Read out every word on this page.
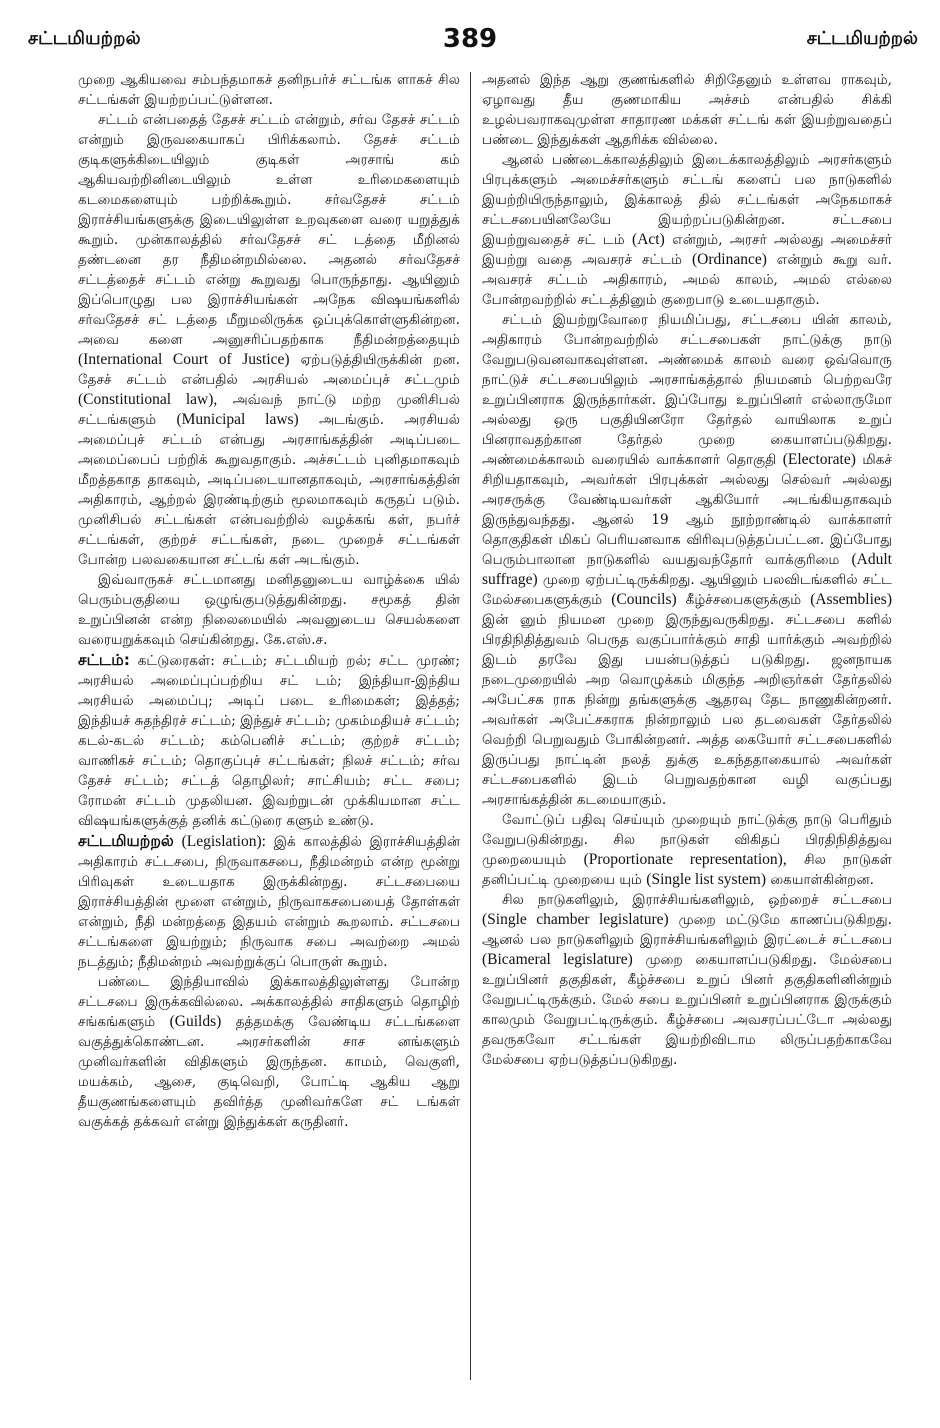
சட்டமியற்றல்	389	சட்டமியற்றல்

முறை ஆகியவை சம்பந்தமாகச் தனிநபர்ச் சட்டங்க ளாகச் சில சட்டங்கள் இயற்றப்பட்டுள்ளன.

சட்டம் என்பதைத் தேசச் சட்டம் என்றும், சர்வ தேசச் சட்டம் என்றும் இருவகையாகப் பிரிக்கலாம். தேசச் சட்டம் குடிகளுக்கிடையிலும் குடிகள் அரசாங் கம் ஆகியவற்றினிடையிலும் உள்ள உரிமைகளையும் கடமைகளையும் பற்றிக்கூறும். சர்வதேசச் சட்டம் இராச்சியங்களுக்கு இடையிலுள்ள உறவுகளை வரை யறுத்துக் கூறும். முன்காலத்தில் சர்வதேசச் சட் டத்தை மீறினல் தண்டனை தர நீதிமன்றமில்லை. அதனல் சர்வதேசச் சட்டத்தைச் சட்டம் என்று கூறுவது பொருந்தாது. ஆயினும் இப்பொழுது பல இராச்சியங்கள் அநேக விஷயங்களில் சர்வதேசச் சட் டத்தை மீறுமலிருக்க ஒப்புக்கொள்ளுகின்றன. அவை களை அனுசரிப்பதற்காக நீதிமன்றத்தையும் (International Court of Justice) ஏற்படுத்தியிருக்கின் றன. தேசச் சட்டம் என்பதில் அரசியல் அமைப்புச் சட்டமும் (Constitutional law), அவ்வந் நாட்டு மற்ற முனிசிபல் சட்டங்களும் (Municipal laws) அடங்கும். அரசியல் அமைப்புச் சட்டம் என்பது அரசாங்கத்தின் அடிப்படை அமைப்பைப் பற்றிக் கூறுவதாகும். அச்சட்டம் புனிதமாகவும் மீறத்தகாத தாகவும், அடிப்படையானதாகவும், அரசாங்கத்தின் அதிகாரம், ஆற்றல் இரண்டிற்கும் மூலமாகவும் கருதப் படும். முனிசிபல் சட்டங்கள் என்பவற்றில் வழக்கங் கள், நபர்ச் சட்டங்கள், குற்றச் சட்டங்கள், நடை முறைச் சட்டங்கள் போன்ற பலவகையான சட்டங் கள் அடங்கும்.

இவ்வாருகச் சட்டமானது மனிதனுடைய வாழ்க்கை யில் பெரும்பகுதியை ஒழுங்குபடுத்துகின்றது. சமூகத் தின் உறுப்பினன் என்ற நிலைமையில் அவனுடைய செயல்களை வரையறுக்கவும் செய்கின்றது. கே.எஸ்.ச.

சட்டம்: கட்டுரைகள்: சட்டம்; சட்டமியற் றல்; சட்ட முரண்; அரசியல் அமைப்புப்பற்றிய சட் டம்; இந்தியா-இந்திய அரசியல் அமைப்பு; அடிப் படை உரிமைகள்; இத்தத்; இந்தியச் சுதந்திரச் சட்டம்; இந்துச் சட்டம்; முகம்மதியச் சட்டம்; கடல்-கடல் சட்டம்; கம்பெனிச் சட்டம்; குற்றச் சட்டம்; வாணிகச் சட்டம்; தொகுப்புச் சட்டங்கள்; நிலச் சட்டம்; சர்வ தேசச் சட்டம்; சட்டத் தொழிலர்; சாட்சியம்; சட்ட சபை; ரோமன் சட்டம் முதலியன. இவற்றுடன் முக்கியமான சட்ட விஷயங்களுக்குத் தனிக் கட்டுரை களும் உண்டு.

சட்டமியற்றல் (Legislation): இக் காலத்தில் இராச்சியத்தின் அதிகாரம் சட்டசபை, நிருவாகசபை, நீதிமன்றம் என்ற மூன்று பிரிவுகள் உடையதாக இருக்கின்றது. சட்டசபையை இராச்சியத்தின் மூளை என்றும், நிருவாகசபையைத் தோள்கள் என்றும், நீதி மன்றத்தை இதயம் என்றும் கூறலாம். சட்டசபை சட்டங்களை இயற்றும்; நிருவாக சபை அவற்றை அமல் நடத்தும்; நீதிமன்றம் அவற்றுக்குப் பொருள் கூறும்.

பண்டை இந்தியாவில் இக்காலத்திலுள்ளது போன்ற சட்டசபை இருக்கவில்லை. அக்காலத்தில் சாதிகளும் தொழிற் சங்கங்களும் (Guilds) தத்தமக்கு வேண்டிய சட்டங்களை வகுத்துக்கொண்டன. அரசர்களின் சாச னங்களும் முனிவர்களின் விதிகளும் இருந்தன. காமம், வெகுளி, மயக்கம், ஆசை, குடிவெறி, போட்டி ஆகிய ஆறு தீயகுணங்களையும் தவிர்த்த முனிவர்களே சட் டங்கள் வகுக்கத் தக்கவர் என்று இந்துக்கள் கருதினர்.

அதனல் இந்த ஆறு குணங்களில் சிறிதேனும் உள்ளவ ராகவும், ஏழாவது தீய குணமாகிய அச்சம் என்பதில் சிக்கி உழல்பவராகவுமுள்ள சாதாரண மக்கள் சட்டங் கள் இயற்றுவதைப் பண்டை இந்துக்கள் ஆதரிக்க வில்லை.

ஆனல் பண்டைக்காலத்திலும் இடைக்காலத்திலும் அரசர்களும் பிரபுக்களும் அமைச்சர்களும் சட்டங் களைப் பல நாடுகளில் இயற்றியிருந்தாலும், இக்காலத் தில் சட்டங்கள் அநேகமாகச் சட்டசபையினலேயே இயற்றப்படுகின்றன. சட்டசபை இயற்றுவதைச் சட் டம் (Act) என்றும், அரசர் அல்லது அமைச்சர் இயற்று வதை அவசரச் சட்டம் (Ordinance) என்றும் கூறு வர். அவசரச் சட்டம் அதிகாரம், அமல் காலம், அமல் எல்லை போன்றவற்றில் சட்டத்தினும் குறைபாடு உடையதாகும்.

சட்டம் இயற்றுவோரை நியமிப்பது, சட்டசபை யின் காலம், அதிகாரம் போன்றவற்றில் சட்டசபைகள் நாட்டுக்கு நாடு வேறுபடுவனவாகவுள்ளன. அண்மைக் காலம் வரை ஒவ்வொரு நாட்டுச் சட்டசபையிலும் அரசாங்கத்தால் நியமனம் பெற்றவரே உறுப்பினராக இருந்தார்கள். இப்போது உறுப்பினர் எல்லாருமோ அல்லது ஒரு பகுதியினரோ தேர்தல் வாயிலாக உறுப் பினராவதற்கான தேர்தல் முறை கையாளப்படுகிறது. அண்மைக்காலம் வரையில் வாக்காளர் தொகுதி (Electorate) மிகச் சிறியதாகவும், அவர்கள் பிரபுக்கள் அல்லது செல்வர் அல்லது அரசருக்கு வேண்டியவர்கள் ஆகியோர் அடங்கியதாகவும் இருந்துவந்தது. ஆனல் 19 ஆம் நூற்றாண்டில் வாக்காளர் தொகுதிகள் மிகப் பெரியனவாக விரிவுபடுத்தப்பட்டன. இப்போது பெரும்பாலான நாடுகளில் வயதுவந்தோர் வாக்குரிமை (Adult suffrage) முறை ஏற்பட்டிருக்கிறது. ஆயினும் பலவிடங்களில் சட்ட மேல்சபைகளுக்கும் (Councils) கீழ்ச்சபைகளுக்கும் (Assemblies) இன் னும் நியமன முறை இருந்துவருகிறது. சட்டசபை களில் பிரதிநிதித்துவம் பெருத வகுப்பார்க்கும் சாதி யார்க்கும் அவற்றில் இடம் தரவே இது பயன்படுத்தப் படுகிறது. ஜனநாயக நடைமுறையில் அற வொழுக்கம் மிகுந்த அறிஞர்கள் தேர்தலில் அபேட்சக ராக நின்று தங்களுக்கு ஆதரவு தேட நாணுகின்றனர். அவர்கள் அபேட்சகராக நின்றாலும் பல தடவைகள் தேர்தலில் வெற்றி பெறுவதும் போகின்றனர். அத்த கையோர் சட்டசபைகளில் இருப்பது நாட்டின் நலத் துக்கு உகந்ததாகையால் அவர்கள் சட்டசபைகளில் இடம் பெறுவதற்கான வழி வகுப்பது அரசாங்கத்தின் கடமையாகும்.

வோட்டுப் பதிவு செய்யும் முறையும் நாட்டுக்கு நாடு பெரிதும் வேறுபடுகின்றது. சில நாடுகள் விகிதப் பிரதிநிதித்துவ முறையையும் (Proportionate representation), சில நாடுகள் தனிப்பட்டி முறையை யும் (Single list system) கையாள்கின்றன.

சில நாடுகளிலும், இராச்சியங்களிலும், ஒற்றைச் சட்டசபை (Single chamber legislature) முறை மட்டுமே காணப்படுகிறது. ஆனல் பல நாடுகளிலும் இராச்சியங்களிலும் இரட்டைச் சட்டசபை (Bicameral legislature) முறை கையாளப்படுகிறது. மேல்சபை உறுப்பினர் தகுதிகள், கீழ்ச்சபை உறுப் பினர் தகுதிகளினின்றும் வேறுபட்டிருக்கும். மேல் சபை உறுப்பினர் உறுப்பினராக இருக்கும் காலமும் வேறுபட்டிருக்கும். கீழ்ச்சபை அவசரப்பட்டோ அல்லது தவருகவோ சட்டங்கள் இயற்றிவிடாம லிருப்பதற்காகவே மேல்சபை ஏற்படுத்தப்படுகிறது.
